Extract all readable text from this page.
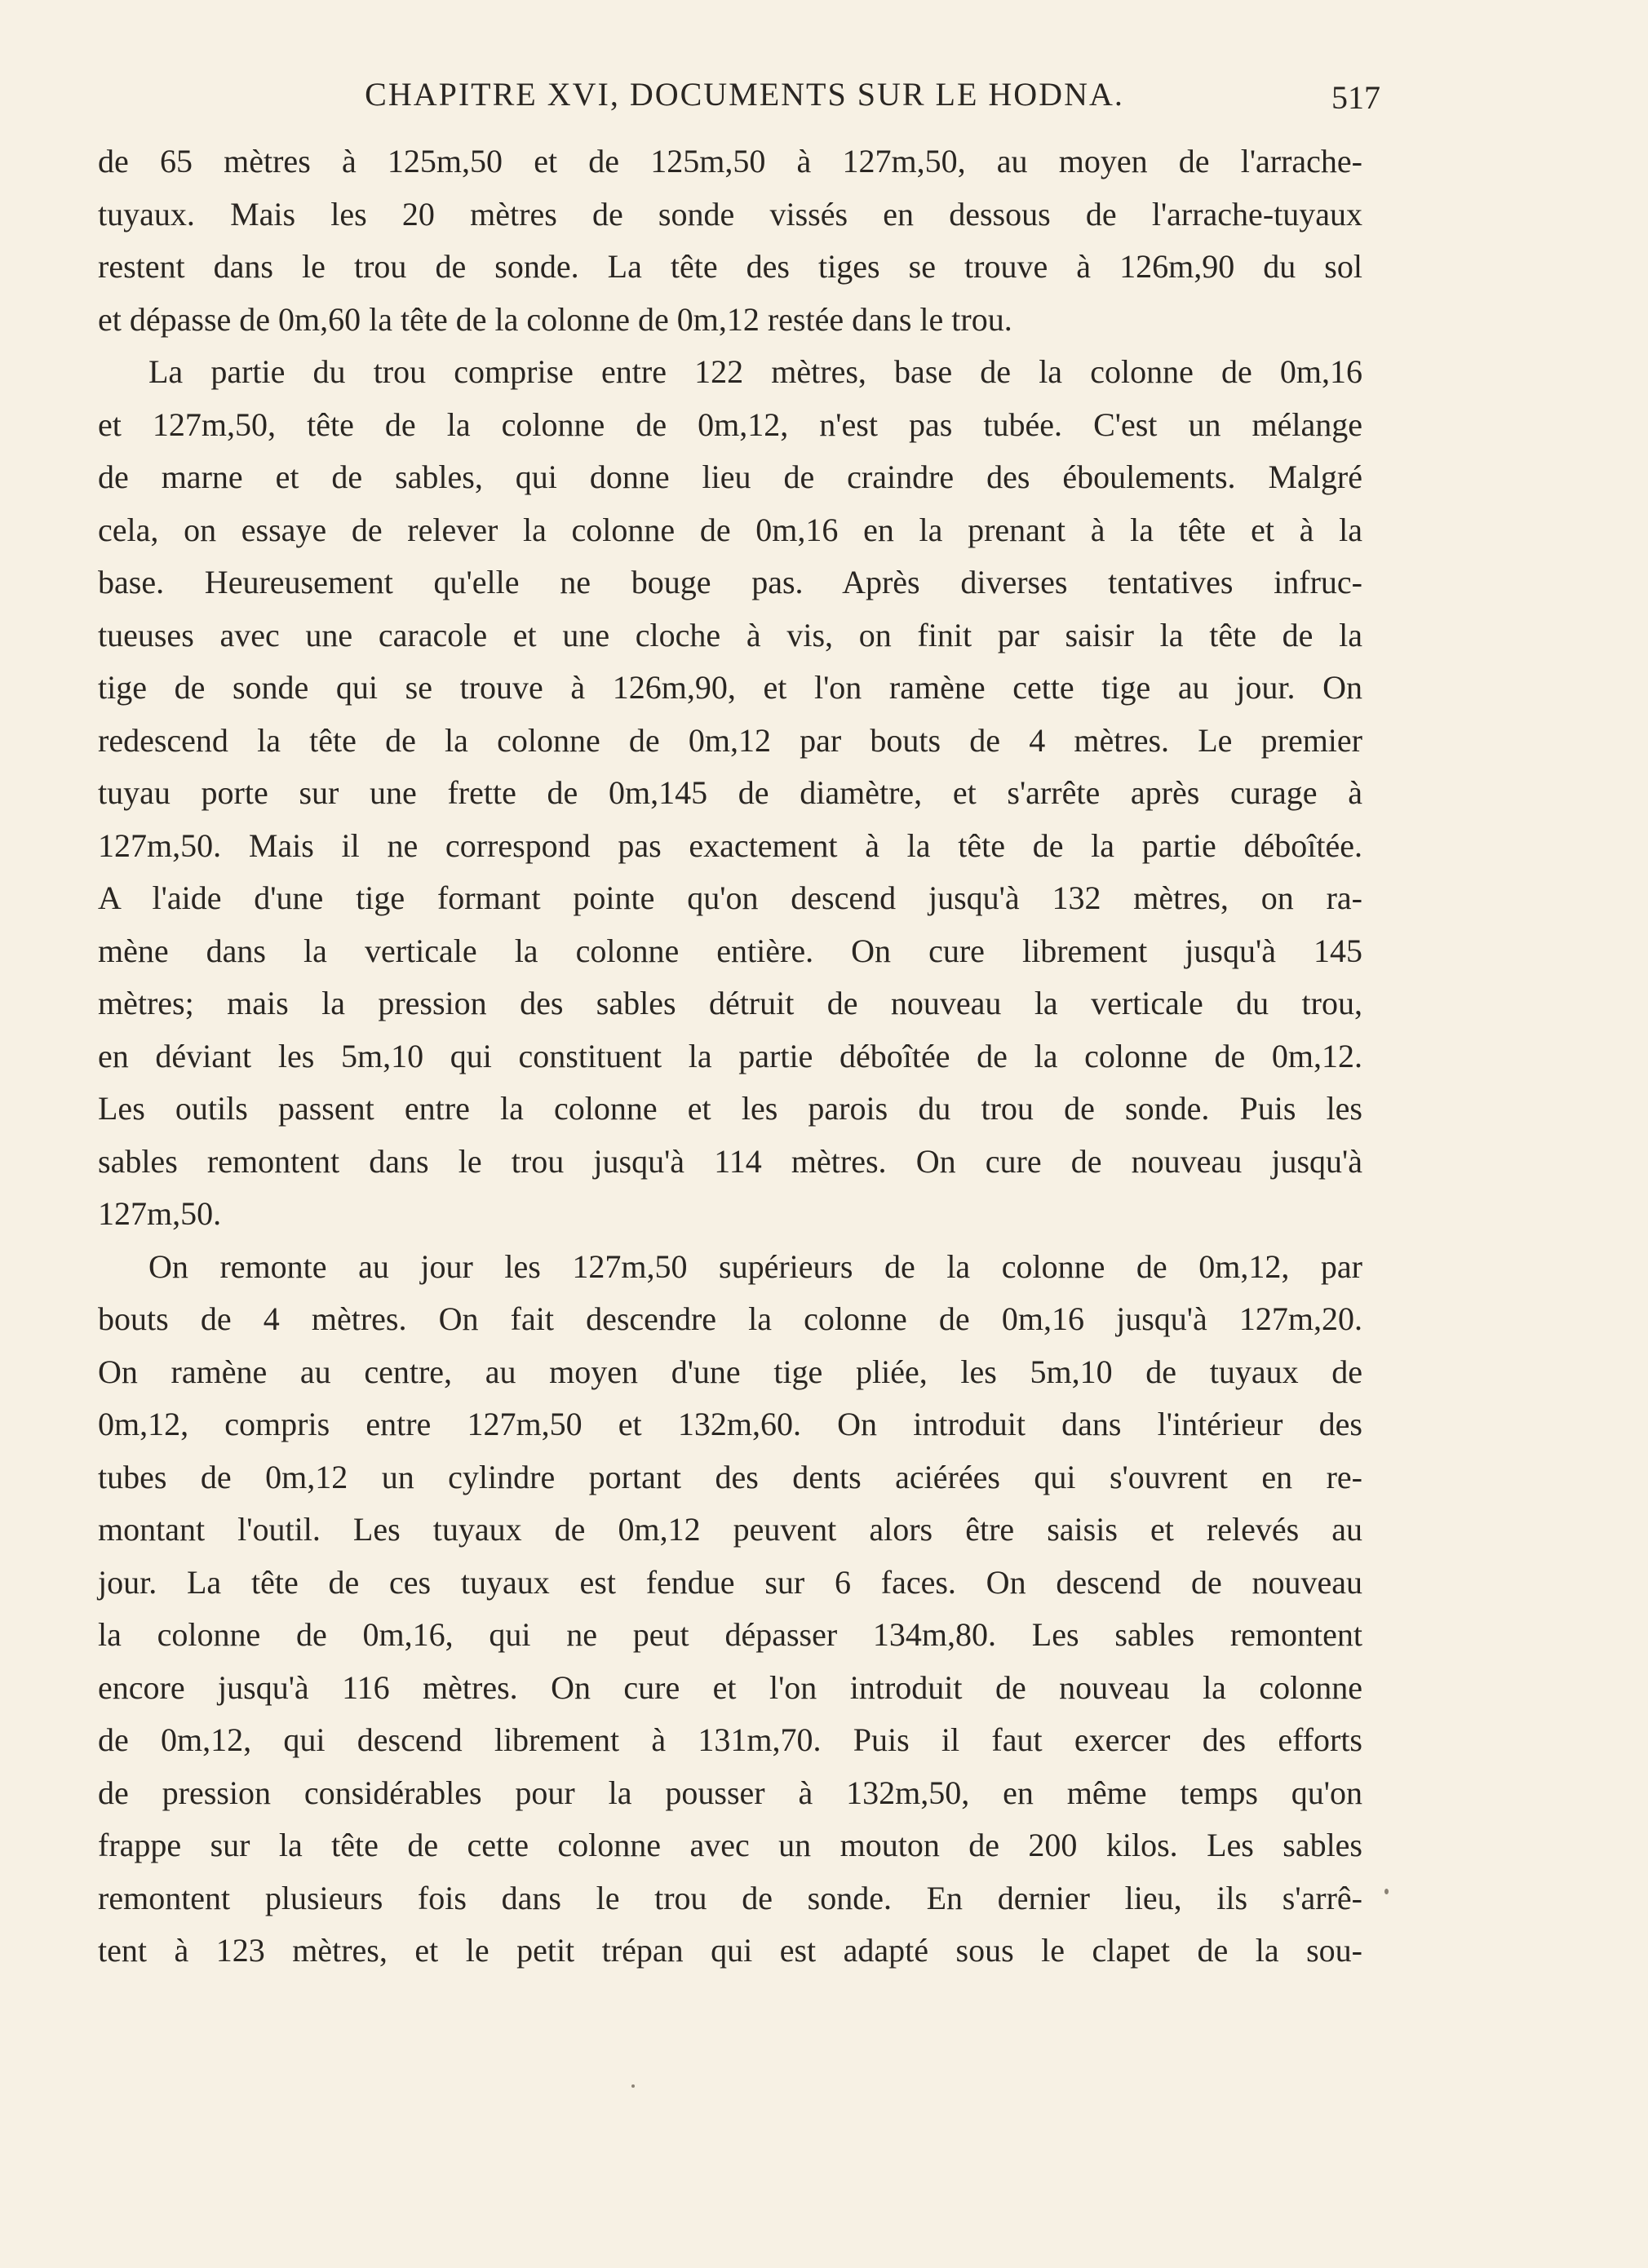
CHAPITRE XVI, DOCUMENTS SUR LE HODNA.	517
de 65 mètres à 125m,50 et de 125m,50 à 127m,50, au moyen de l'arrache-
tuyaux. Mais les 20 mètres de sonde vissés en dessous de l'arrache-tuyaux
restent dans le trou de sonde. La tête des tiges se trouve à 126m,90 du sol
et dépasse de 0m,60 la tête de la colonne de 0m,12 restée dans le trou.
La partie du trou comprise entre 122 mètres, base de la colonne de 0m,16
et 127m,50, tête de la colonne de 0m,12, n'est pas tubée. C'est un mélange
de marne et de sables, qui donne lieu de craindre des éboulements. Malgré
cela, on essaye de relever la colonne de 0m,16 en la prenant à la tête et à la
base. Heureusement qu'elle ne bouge pas. Après diverses tentatives infruc-
tueuses avec une caracole et une cloche à vis, on finit par saisir la tête de la
tige de sonde qui se trouve à 126m,90, et l'on ramène cette tige au jour. On
redescend la tête de la colonne de 0m,12 par bouts de 4 mètres. Le premier
tuyau porte sur une frette de 0m,145 de diamètre, et s'arrête après curage à
127m,50. Mais il ne correspond pas exactement à la tête de la partie déboîtée.
A l'aide d'une tige formant pointe qu'on descend jusqu'à 132 mètres, on ra-
mène dans la verticale la colonne entière. On cure librement jusqu'à 145
mètres; mais la pression des sables détruit de nouveau la verticale du trou,
en déviant les 5m,10 qui constituent la partie déboîtée de la colonne de 0m,12.
Les outils passent entre la colonne et les parois du trou de sonde. Puis les
sables remontent dans le trou jusqu'à 114 mètres. On cure de nouveau jusqu'à
127m,50.
On remonte au jour les 127m,50 supérieurs de la colonne de 0m,12, par
bouts de 4 mètres. On fait descendre la colonne de 0m,16 jusqu'à 127m,20.
On ramène au centre, au moyen d'une tige pliée, les 5m,10 de tuyaux de
0m,12, compris entre 127m,50 et 132m,60. On introduit dans l'intérieur des
tubes de 0m,12 un cylindre portant des dents aciérées qui s'ouvrent en re-
montant l'outil. Les tuyaux de 0m,12 peuvent alors être saisis et relevés au
jour. La tête de ces tuyaux est fendue sur 6 faces. On descend de nouveau
la colonne de 0m,16, qui ne peut dépasser 134m,80. Les sables remontent
encore jusqu'à 116 mètres. On cure et l'on introduit de nouveau la colonne
de 0m,12, qui descend librement à 131m,70. Puis il faut exercer des efforts
de pression considérables pour la pousser à 132m,50, en même temps qu'on
frappe sur la tête de cette colonne avec un mouton de 200 kilos. Les sables
remontent plusieurs fois dans le trou de sonde. En dernier lieu, ils s'arrê-
tent à 123 mètres, et le petit trépan qui est adapté sous le clapet de la sou-
